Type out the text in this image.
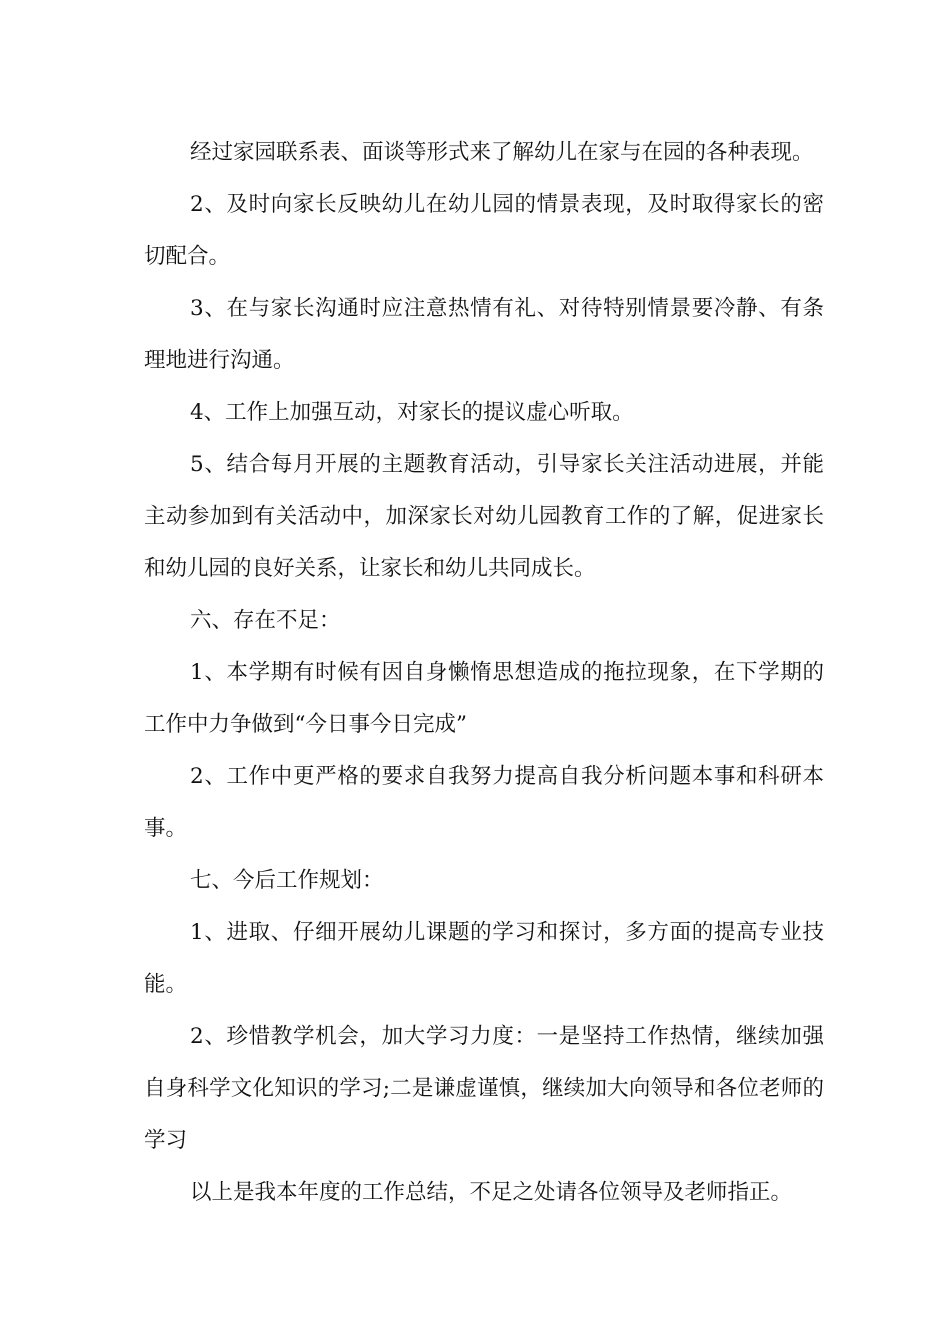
经过家园联系表、面谈等形式来了解幼儿在家与在园的各种表现。

2、及时向家长反映幼儿在幼儿园的情景表现，及时取得家长的密切配合。

3、在与家长沟通时应注意热情有礼、对待特别情景要冷静、有条理地进行沟通。

4、工作上加强互动，对家长的提议虚心听取。

5、结合每月开展的主题教育活动，引导家长关注活动进展，并能主动参加到有关活动中，加深家长对幼儿园教育工作的了解，促进家长和幼儿园的良好关系，让家长和幼儿共同成长。

六、存在不足：

1、本学期有时候有因自身懒惰思想造成的拖拉现象，在下学期的工作中力争做到“今日事今日完成”

2、工作中更严格的要求自我努力提高自我分析问题本事和科研本事。

七、今后工作规划：

1、进取、仔细开展幼儿课题的学习和探讨，多方面的提高专业技能。

2、珍惜教学机会，加大学习力度：一是坚持工作热情，继续加强自身科学文化知识的学习;二是谦虚谨慎，继续加大向领导和各位老师的学习

以上是我本年度的工作总结，不足之处请各位领导及老师指正。
